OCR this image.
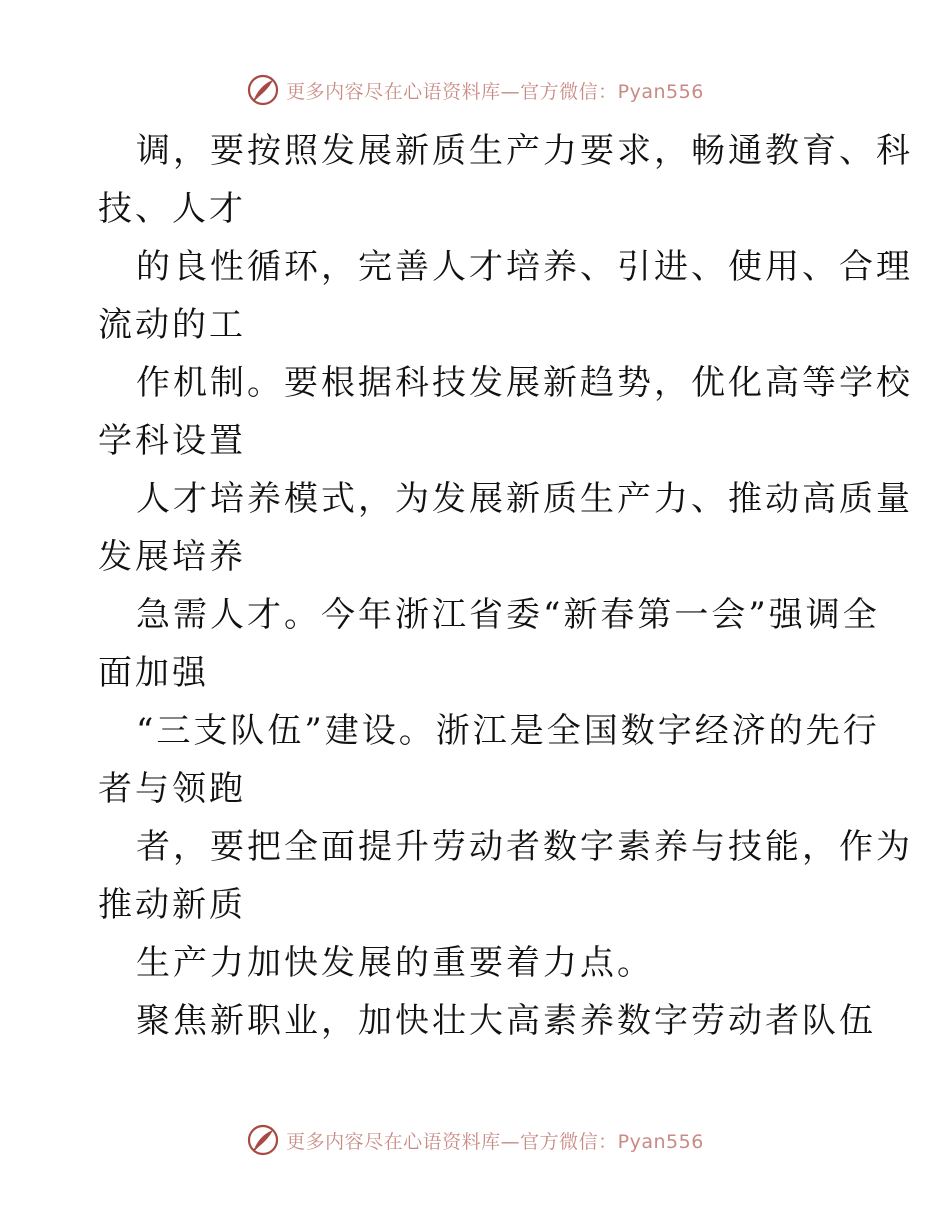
更多内容尽在心语资料库—官方微信：Pyan556
调，要按照发展新质生产力要求，畅通教育、科
技、人才
的良性循环，完善人才培养、引进、使用、合理
流动的工
作机制。要根据科技发展新趋势，优化高等学校
学科设置
人才培养模式，为发展新质生产力、推动高质量
发展培养
急需人才。今年浙江省委“新春第一会”强调全
面加强
“三支队伍”建设。浙江是全国数字经济的先行
者与领跑
者，要把全面提升劳动者数字素养与技能，作为
推动新质
生产力加快发展的重要着力点。
聚焦新职业，加快壮大高素养数字劳动者队伍
更多内容尽在心语资料库—官方微信：Pyan556
